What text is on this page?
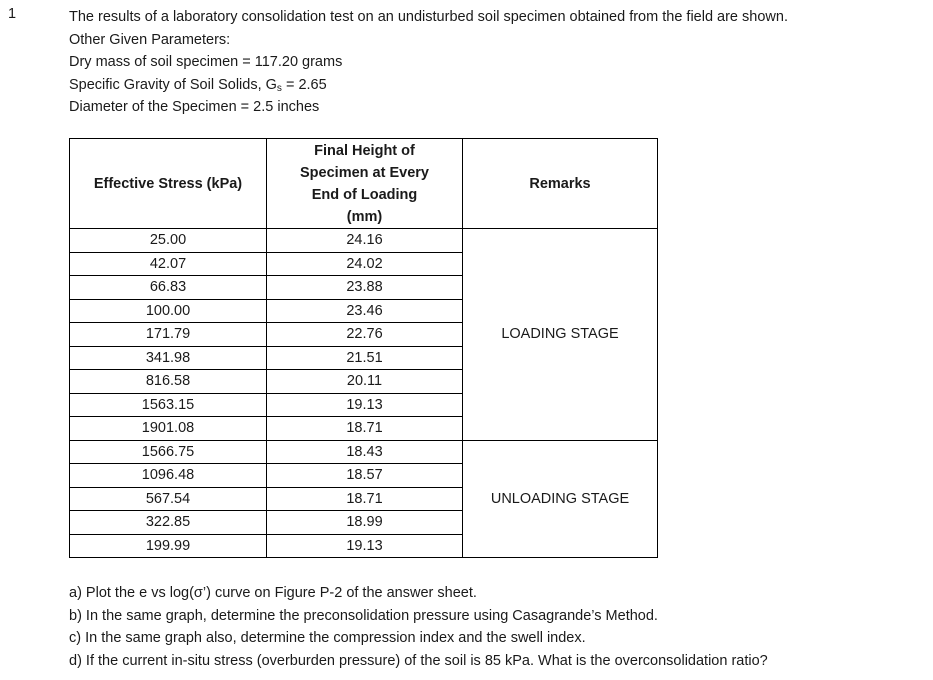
1	The results of a laboratory consolidation test on an undisturbed soil specimen obtained from the field are shown.
Other Given Parameters:
Dry mass of soil specimen = 117.20 grams
Specific Gravity of Soil Solids, $G_s = 2.65$
Diameter of the Specimen = 2.5 inches
Effective Stress (kPa)	Final Height of
Specimen at Every
End of Loading
(mm)	Remarks
25.00	24.16	LOADING STAGE
42.07	24.02	
66.83	23.88	
100.00	23.46	
171.79	22.76	
341.98	21.51	
816.58	20.11	
1563.15	19.13	
1901.08	18.71	
1566.75	18.43	UNLOADING STAGE
1096.48	18.57	
567.54	18.71	
322.85	18.99	
199.99	19.13	
a) Plot the e vs log(σ’) curve on Figure P-2 of the answer sheet.
b) In the same graph, determine the preconsolidation pressure using Casagrande’s Method.
c) In the same graph also, determine the compression index and the swell index.
d) If the current in-situ stress (overburden pressure) of the soil is 85 kPa. What is the overconsolidation ratio?
